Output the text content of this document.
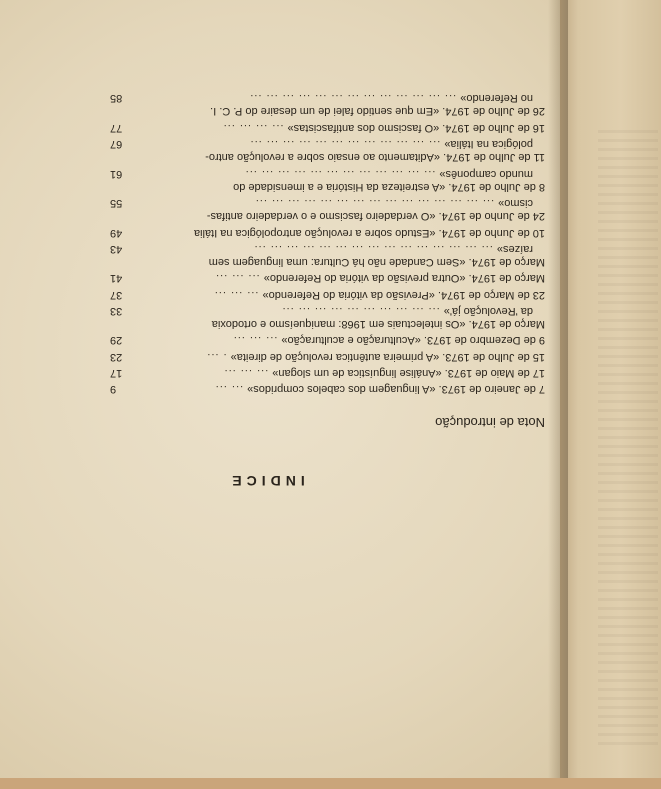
INDICE
Nota de introdução
7 de Janeiro de 1973. «A linguagem dos cabelos compridos» ... ...
9
17 de Maio de 1973. «Análise linguística de um slogan» ... ... ...
17
15 de Julho de 1973. «A primeira autêntica revolução de direita» . ...
23
9 de Dezembro de 1973. «Aculturação e aculturação» ... ... ...
29
Março de 1974. «Os intelectuais em 1968: maniqueísmo e ortodoxia
da 'Revolução já'» ... ... ... ... ... ... ... ... ... ...
33
23 de Março de 1974. «Previsão da vitória do Referendo» ... ... ...
37
Março de 1974. «Outra previsão da vitória do Referendo» ... ... ...
41
Março de 1974. «Sem Candade não há Cultura: uma linguagem sem
raízes» ... ... ... ... ... ... ... ... ... ... ... ... ... ... ...
43
10 de Junho de 1974. «Estudo sobre a revolução antropológica na Itália
49
24 de Junho de 1974. «O verdadeiro fascismo e o verdadeiro antifas-
cismo» ... ... ... ... ... ... ... ... ... ... ... ... ... ... ...
55
8 de Julho de 1974. «A estreiteza da História e a imensidade do
mundo camponês» ... ... ... ... ... ... ... ... ... ... ... ...
61
11 de Julho de 1974. «Aditamento ao ensaio sobre a revolução antro-
pológica na Itália» ... ... ... ... ... ... ... ... ... ... ... ...
67
16 de Julho de 1974. «O fascismo dos antifascistas» ... ... ... ...
77
26 de Julho de 1974. «Em que sentido falei de um desaire do P. C. I.
no Referendo» ... ... ... ... ... ... ... ... ... ... ... ... ...
85
